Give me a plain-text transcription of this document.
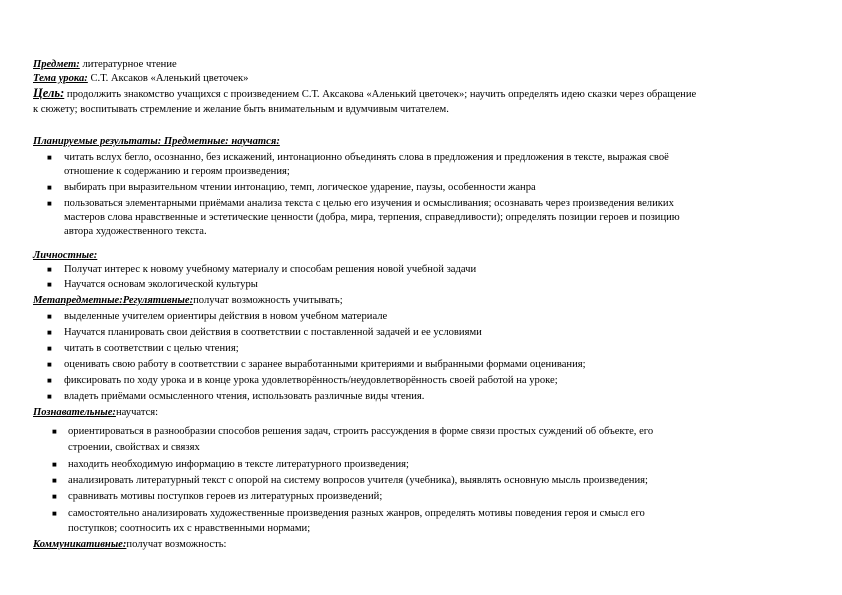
Предмет: литературное чтение
Тема урока: С.Т. Аксаков «Аленький цветочек»
Цель: продолжить знакомство учащихся с произведением С.Т. Аксакова «Аленький цветочек»; научить определять идею сказки через обращение
к сюжету; воспитывать стремление и желание быть внимательным и вдумчивым читателем.
Планируемые результаты: Предметные: научатся:
■ читать вслух бегло, осознанно, без искажений, интонационно объединять слова в предложения и предложения в тексте, выражая своё
отношение к содержанию и героям произведения;
■ выбирать при выразительном чтении интонацию, темп, логическое ударение, паузы, особенности жанра
■ пользоваться элементарными приёмами анализа текста с целью его изучения и осмысливания; осознавать через произведения великих
мастеров слова нравственные и эстетические ценности (добра, мира, терпения, справедливости); определять позиции героев и позицию
автора художественного текста.
Личностные:
■ Получат интерес к новому учебному материалу и способам решения новой учебной задачи
■ Научатся основам экологической культуры
Метапредметные:Регулятивные:получат возможность учитывать;
■ выделенные учителем ориентиры действия в новом учебном материале
■ Научатся планировать свои действия в соответствии с поставленной задачей и ее условиями
■ читать в соответствии с целью чтения;
■ оценивать свою работу в соответствии с заранее выработанными критериями и выбранными формами оценивания;
■ фиксировать по ходу урока и в конце урока удовлетворённость/неудовлетворённость своей работой на уроке;
■ владеть приёмами осмысленного чтения, использовать различные виды чтения.
Познавательные:научатся:
■ ориентироваться в разнообразии способов решения задач, строить рассуждения в форме связи простых суждений об объекте, его
строении, свойствах и связях
■ находить необходимую информацию в тексте литературного произведения;
■ анализировать литературный текст с опорой на систему вопросов учителя (учебника), выявлять основную мысль произведения;
■ сравнивать мотивы поступков героев из литературных произведений;
■ самостоятельно анализировать художественные произведения разных жанров, определять мотивы поведения героя и смысл его
поступков; соотносить их с нравственными нормами;
Коммуникативные:получат возможность:
